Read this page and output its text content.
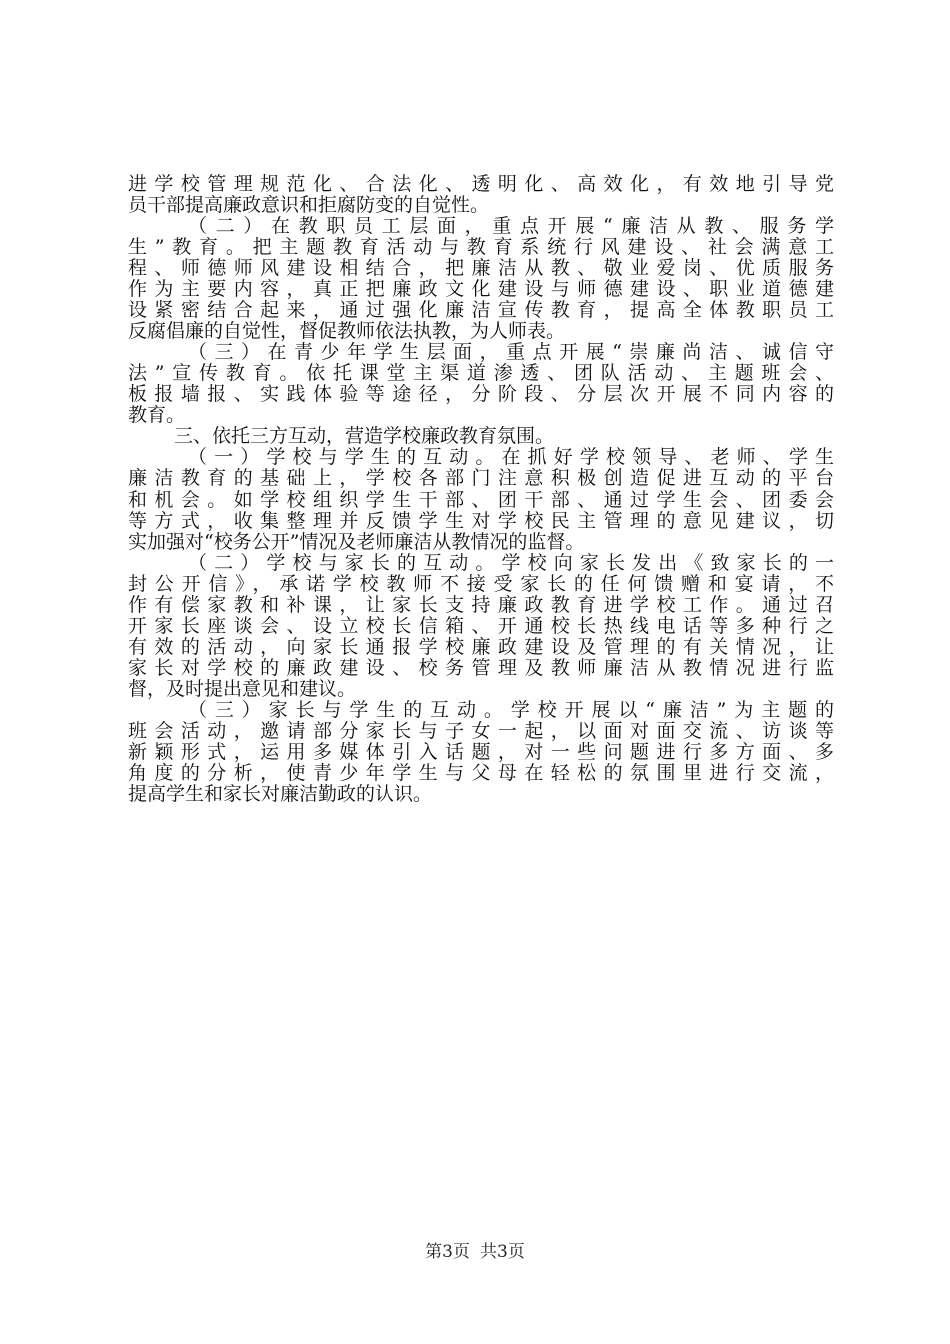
进学校管理规范化、合法化、透明化、高效化，有效地引导党
员干部提高廉政意识和拒腐防变的自觉性。
（二）在教职员工层面，重点开展“廉洁从教、服务学
生”教育。把主题教育活动与教育系统行风建设、社会满意工
程、师德师风建设相结合，把廉洁从教、敬业爱岗、优质服务
作为主要内容，真正把廉政文化建设与师德建设、职业道德建
设紧密结合起来，通过强化廉洁宣传教育，提高全体教职员工
反腐倡廉的自觉性，督促教师依法执教，为人师表。
（三）在青少年学生层面，重点开展“崇廉尚洁、诚信守
法”宣传教育。依托课堂主渠道渗透、团队活动、主题班会、
板报墙报、实践体验等途径，分阶段、分层次开展不同内容的
教育。
三、依托三方互动，营造学校廉政教育氛围。
（一）学校与学生的互动。在抓好学校领导、老师、学生
廉洁教育的基础上，学校各部门注意积极创造促进互动的平台
和机会。如学校组织学生干部、团干部、通过学生会、团委会
等方式，收集整理并反馈学生对学校民主管理的意见建议，切
实加强对“校务公开”情况及老师廉洁从教情况的监督。
（二）学校与家长的互动。学校向家长发出《致家长的一
封公开信》，承诺学校教师不接受家长的任何馈赠和宴请，不
作有偿家教和补课，让家长支持廉政教育进学校工作。通过召
开家长座谈会、设立校长信箱、开通校长热线电话等多种行之
有效的活动，向家长通报学校廉政建设及管理的有关情况，让
家长对学校的廉政建设、校务管理及教师廉洁从教情况进行监
督，及时提出意见和建议。
（三）家长与学生的互动。学校开展以“廉洁”为主题的
班会活动，邀请部分家长与子女一起，以面对面交流、访谈等
新颖形式，运用多媒体引入话题，对一些问题进行多方面、多
角度的分析，使青少年学生与父母在轻松的氛围里进行交流，
提高学生和家长对廉洁勤政的认识。
第3页 共3页
